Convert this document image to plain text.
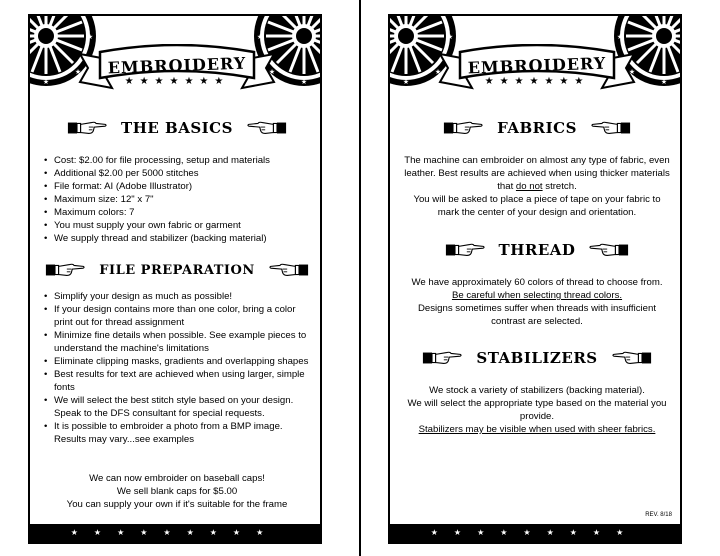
EMBROIDERY
★★★★★★★
THE BASICS
• Cost: $2.00 for file processing, setup and materials
• Additional $2.00 per 5000 stitches
• File format: AI (Adobe Illustrator)
• Maximum size: 12" x 7"
• Maximum colors: 7
• You must supply your own fabric or garment
• We supply thread and stabilizer (backing material)
FILE PREPARATION
• Simplify your design as much as possible!
• If your design contains more than one color, bring a color print out for thread assignment
• Minimize fine details when possible. See example pieces to understand the machine's limitations
• Eliminate clipping masks, gradients and overlapping shapes
• Best results for text are achieved when using larger, simple fonts
• We will select the best stitch style based on your design. Speak to the DFS consultant for special requests.
• It is possible to embroider a photo from a BMP image. Results may vary...see examples
We can now embroider on baseball caps!
We sell blank caps for $5.00
You can supply your own if it's suitable for the frame
★★★★★★★★★
EMBROIDERY
★★★★★★★
FABRICS
The machine can embroider on almost any type of fabric, even leather. Best results are achieved when using thicker materials that do not stretch.
You will be asked to place a piece of tape on your fabric to mark the center of your design and orientation.
THREAD
We have approximately 60 colors of thread to choose from.
Be careful when selecting thread colors.
Designs sometimes suffer when threads with insufficient contrast are selected.
STABILIZERS
We stock a variety of stabilizers (backing material).
We will select the appropriate type based on the material you provide.
Stabilizers may be visible when used with sheer fabrics.
REV. 8/18
★★★★★★★★★
